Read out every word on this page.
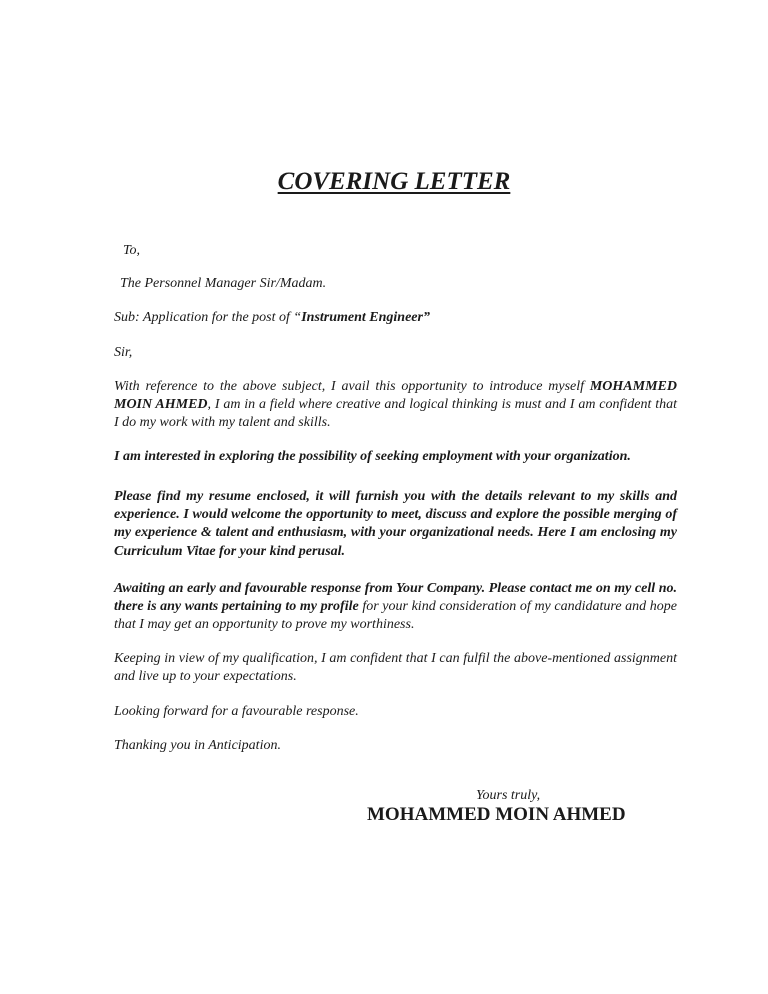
COVERING LETTER
To,
The Personnel Manager Sir/Madam.
Sub: Application for the post of “Instrument Engineer”
Sir,
With reference to the above subject, I avail this opportunity to introduce myself MOHAMMED MOIN AHMED, I am in a field where creative and logical thinking is must and I am confident that I do my work with my talent and skills.
I am interested in exploring the possibility of seeking employment with your organization.
Please find my resume enclosed, it will furnish you with the details relevant to my skills and experience. I would welcome the opportunity to meet, discuss and explore the possible merging of my experience & talent and enthusiasm, with your organizational needs. Here I am enclosing my Curriculum Vitae for your kind perusal.
Awaiting an early and favourable response from Your Company. Please contact me on my cell no. there is any wants pertaining to my profile for your kind consideration of my candidature and hope that I may get an opportunity to prove my worthiness.
Keeping in view of my qualification, I am confident that I can fulfil the above-mentioned assignment and live up to your expectations.
Looking forward for a favourable response.
Thanking you in Anticipation.
Yours truly,
MOHAMMED MOIN AHMED
